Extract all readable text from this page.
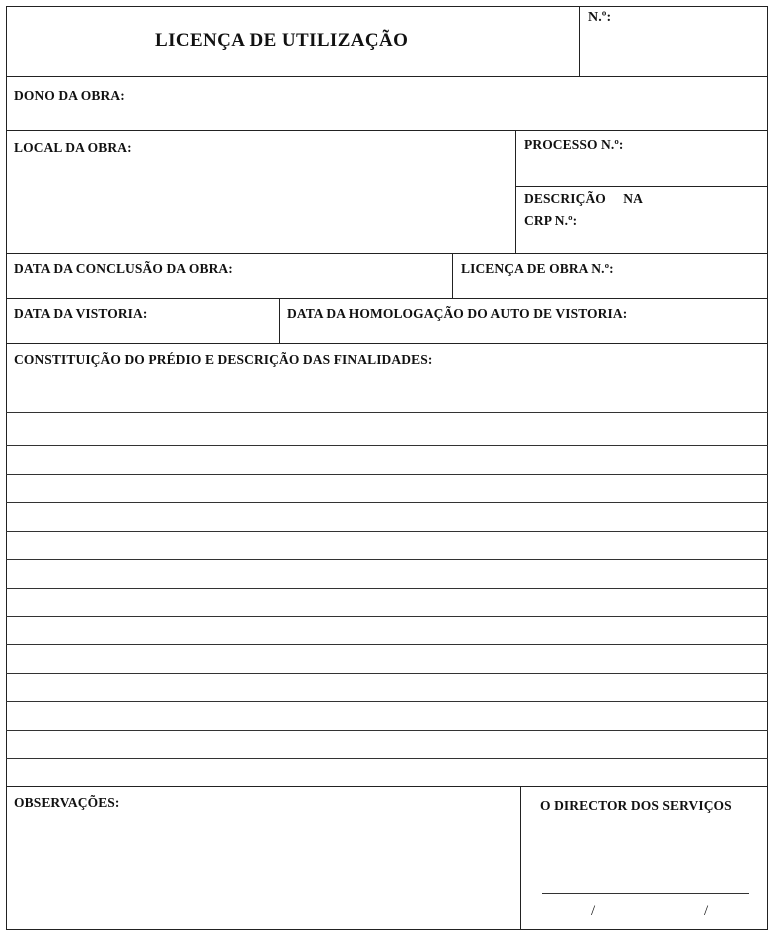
LICENÇA DE UTILIZAÇÃO
N.º:
DONO DA OBRA:
LOCAL DA OBRA:	PROCESSO N.º:
DESCRIÇÃO     NA
CRP N.º:
DATA DA CONCLUSÃO DA OBRA:	LICENÇA DE OBRA N.º:
DATA DA VISTORIA:	DATA DA HOMOLOGAÇÃO DO AUTO DE VISTORIA:
CONSTITUIÇÃO DO PRÉDIO E DESCRIÇÃO DAS FINALIDADES:
OBSERVAÇÕES:	O DIRECTOR DOS SERVIÇOS
/	/
